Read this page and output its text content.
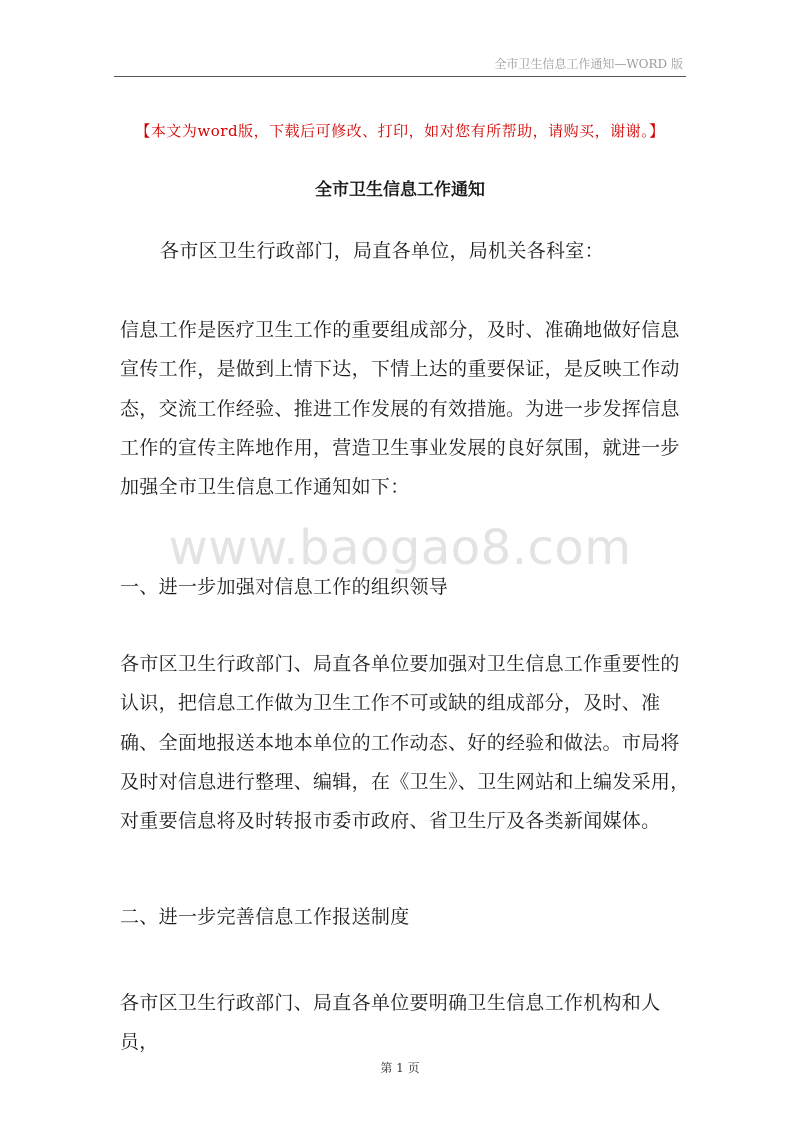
全市卫生信息工作通知—WORD 版
【本文为word版，下载后可修改、打印，如对您有所帮助，请购买，谢谢。】
全市卫生信息工作通知
各市区卫生行政部门，局直各单位，局机关各科室：
信息工作是医疗卫生工作的重要组成部分，及时、准确地做好信息宣传工作，是做到上情下达，下情上达的重要保证，是反映工作动态，交流工作经验、推进工作发展的有效措施。为进一步发挥信息工作的宣传主阵地作用，营造卫生事业发展的良好氛围，就进一步加强全市卫生信息工作通知如下：
www.baogao8.com
一、进一步加强对信息工作的组织领导
各市区卫生行政部门、局直各单位要加强对卫生信息工作重要性的认识，把信息工作做为卫生工作不可或缺的组成部分，及时、准确、全面地报送本地本单位的工作动态、好的经验和做法。市局将及时对信息进行整理、编辑，在《卫生》、卫生网站和上编发采用，对重要信息将及时转报市委市政府、省卫生厅及各类新闻媒体。
二、进一步完善信息工作报送制度
各市区卫生行政部门、局直各单位要明确卫生信息工作机构和人员，
第 1 页
